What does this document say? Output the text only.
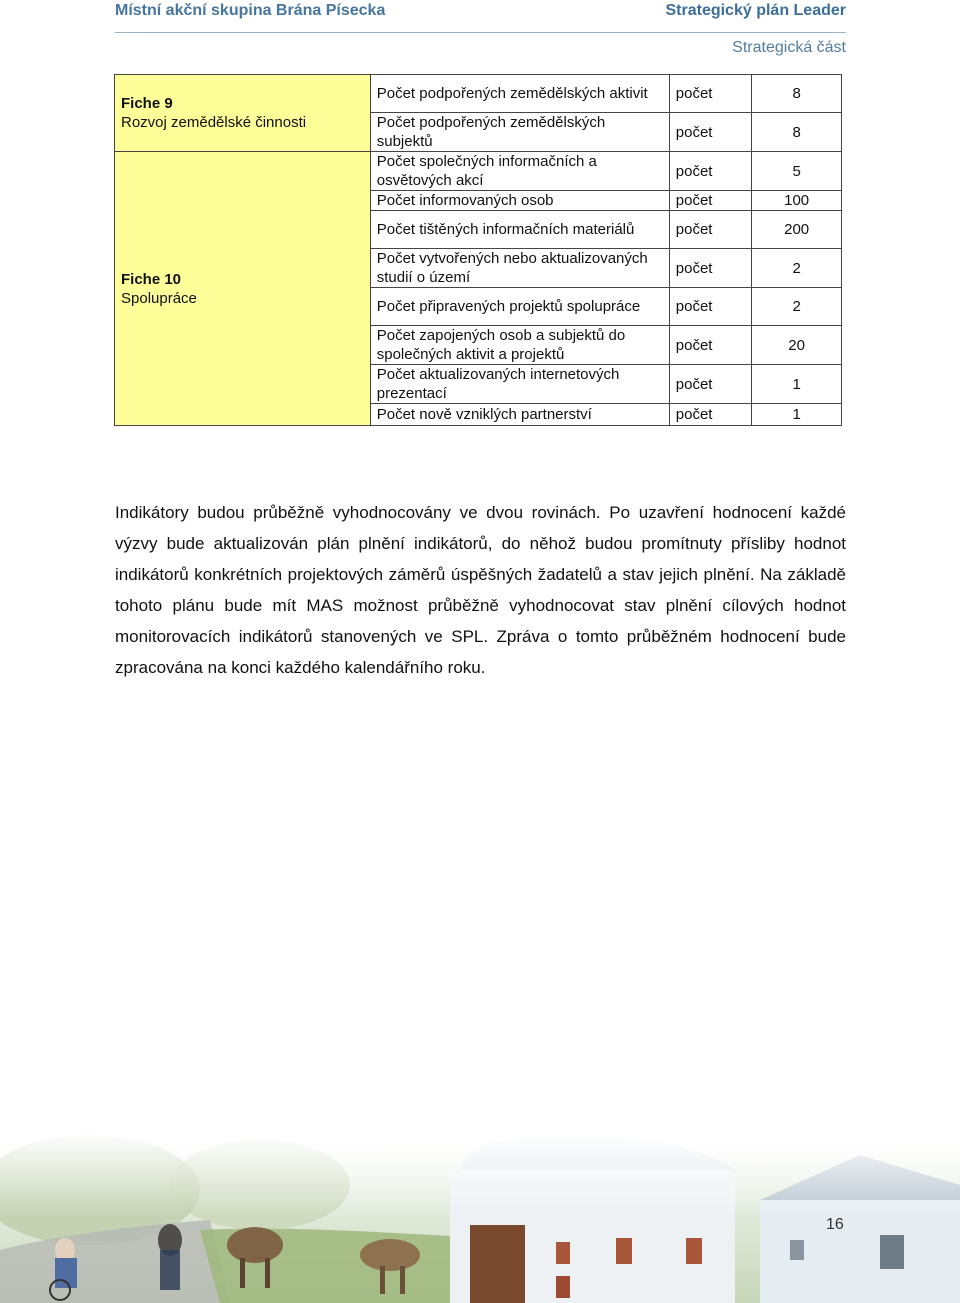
Místní akční skupina Brána Písecka	Strategický plán Leader
Strategická část
Fiche 9
Rozvoj zemědělské činnosti	Počet podpořených zemědělských aktivit	počet	8
	Počet podpořených zemědělských subjektů	počet	8

Fiche 10
Spolupráce	Počet společných informačních a osvětových akcí	počet	5
	Počet informovaných osob	počet	100
	Počet tištěných informačních materiálů	počet	200
	Počet vytvořených nebo aktualizovaných studií o území	počet	2
	Počet připravených projektů spolupráce	počet	2
	Počet zapojených osob a subjektů do společných aktivit a projektů	počet	20
	Počet aktualizovaných internetových prezentací	počet	1
	Počet nově vzniklých partnerství	počet	1

Indikátory budou průběžně vyhodnocovány ve dvou rovinách. Po uzavření hodnocení každé výzvy bude aktualizován plán plnění indikátorů, do něhož budou promítnuty přísliby hodnot indikátorů konkrétních projektových záměrů úspěšných žadatelů a stav jejich plnění. Na základě tohoto plánu bude mít MAS možnost průběžně vyhodnocovat stav plnění cílových hodnot monitorovacích indikátorů stanovených ve SPL. Zpráva o tomto průběžném hodnocení bude zpracována na konci každého kalendářního roku.

16
